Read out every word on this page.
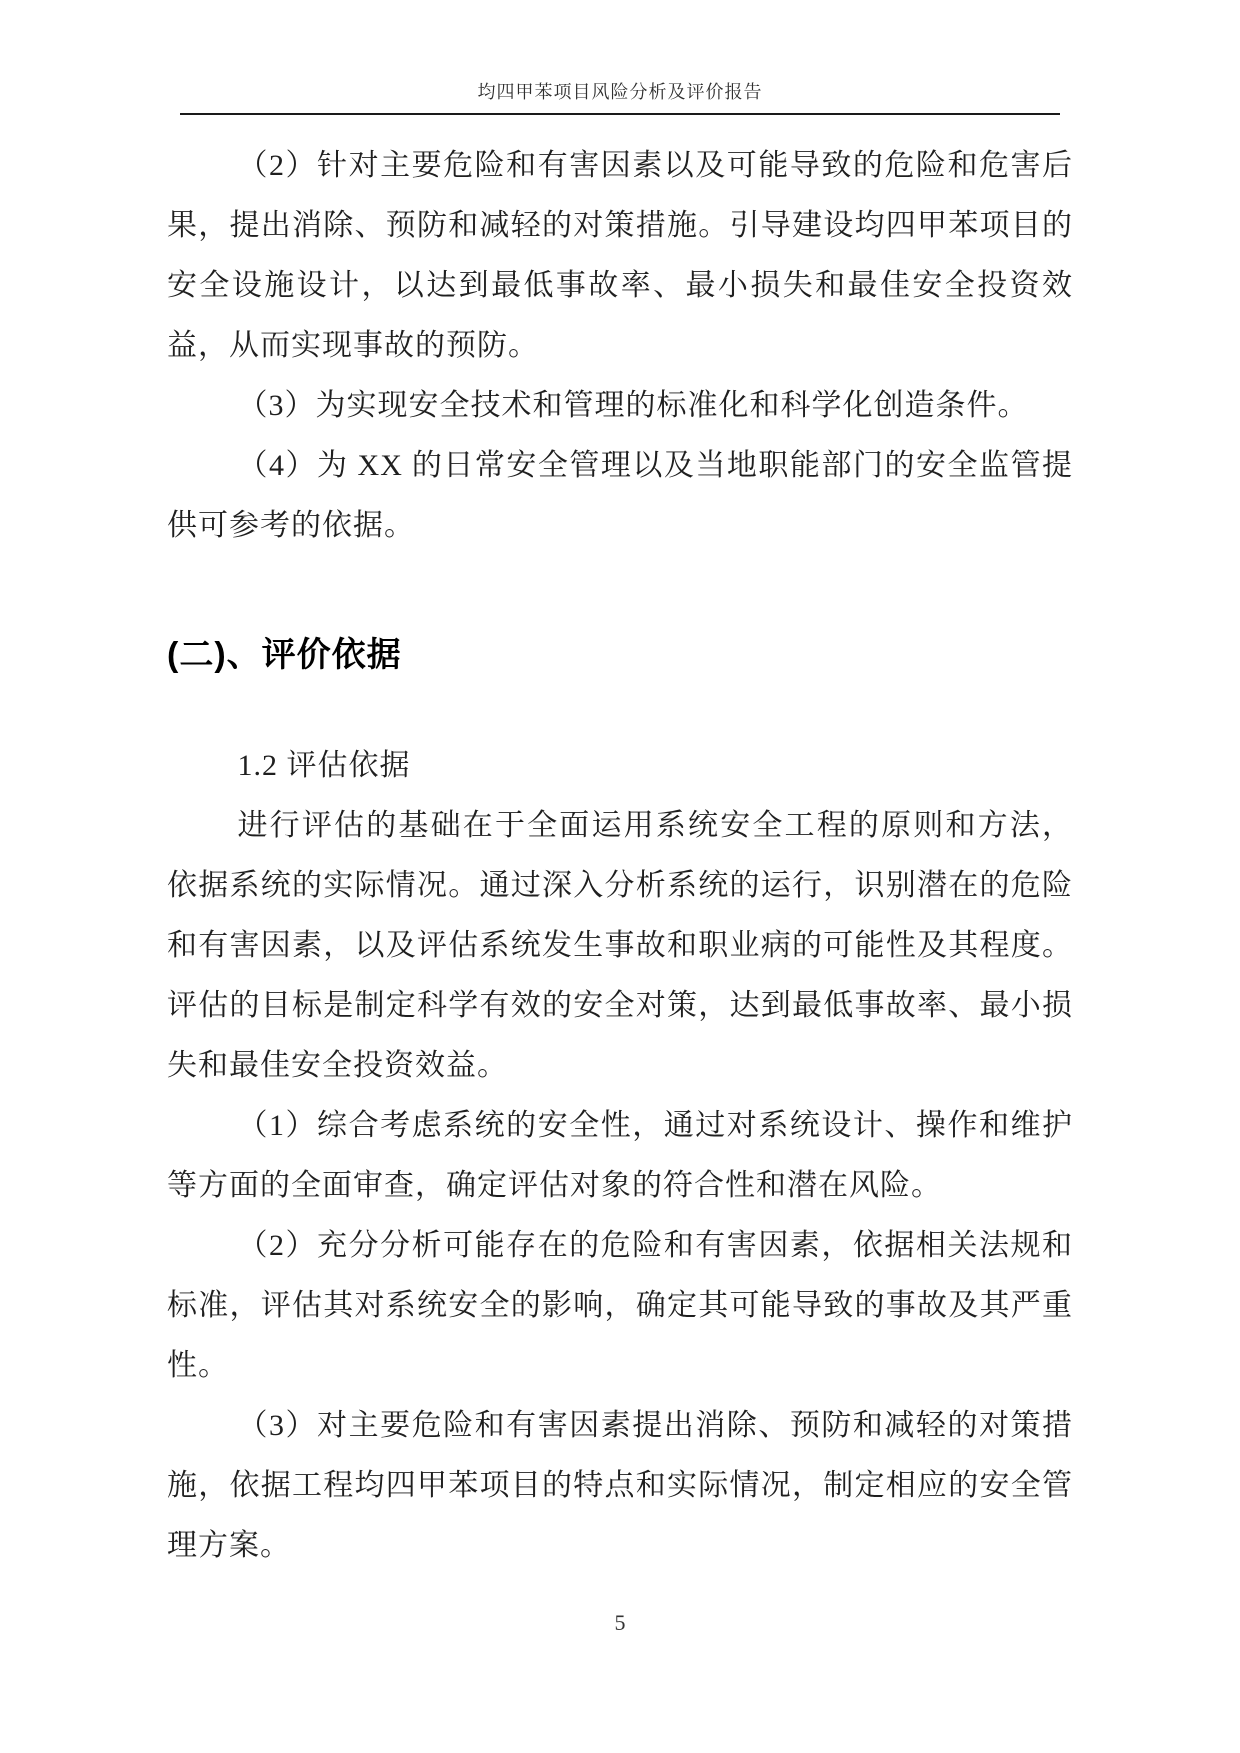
均四甲苯项目风险分析及评价报告

（2）针对主要危险和有害因素以及可能导致的危险和危害后果，提出消除、预防和减轻的对策措施。引导建设均四甲苯项目的安全设施设计，以达到最低事故率、最小损失和最佳安全投资效益，从而实现事故的预防。

（3）为实现安全技术和管理的标准化和科学化创造条件。

（4）为 XX 的日常安全管理以及当地职能部门的安全监管提供可参考的依据。

(二)、评价依据

1.2 评估依据

进行评估的基础在于全面运用系统安全工程的原则和方法，依据系统的实际情况。通过深入分析系统的运行，识别潜在的危险和有害因素，以及评估系统发生事故和职业病的可能性及其程度。评估的目标是制定科学有效的安全对策，达到最低事故率、最小损失和最佳安全投资效益。

（1）综合考虑系统的安全性，通过对系统设计、操作和维护等方面的全面审查，确定评估对象的符合性和潜在风险。

（2）充分分析可能存在的危险和有害因素，依据相关法规和标准，评估其对系统安全的影响，确定其可能导致的事故及其严重性。

（3）对主要危险和有害因素提出消除、预防和减轻的对策措施，依据工程均四甲苯项目的特点和实际情况，制定相应的安全管理方案。

5
